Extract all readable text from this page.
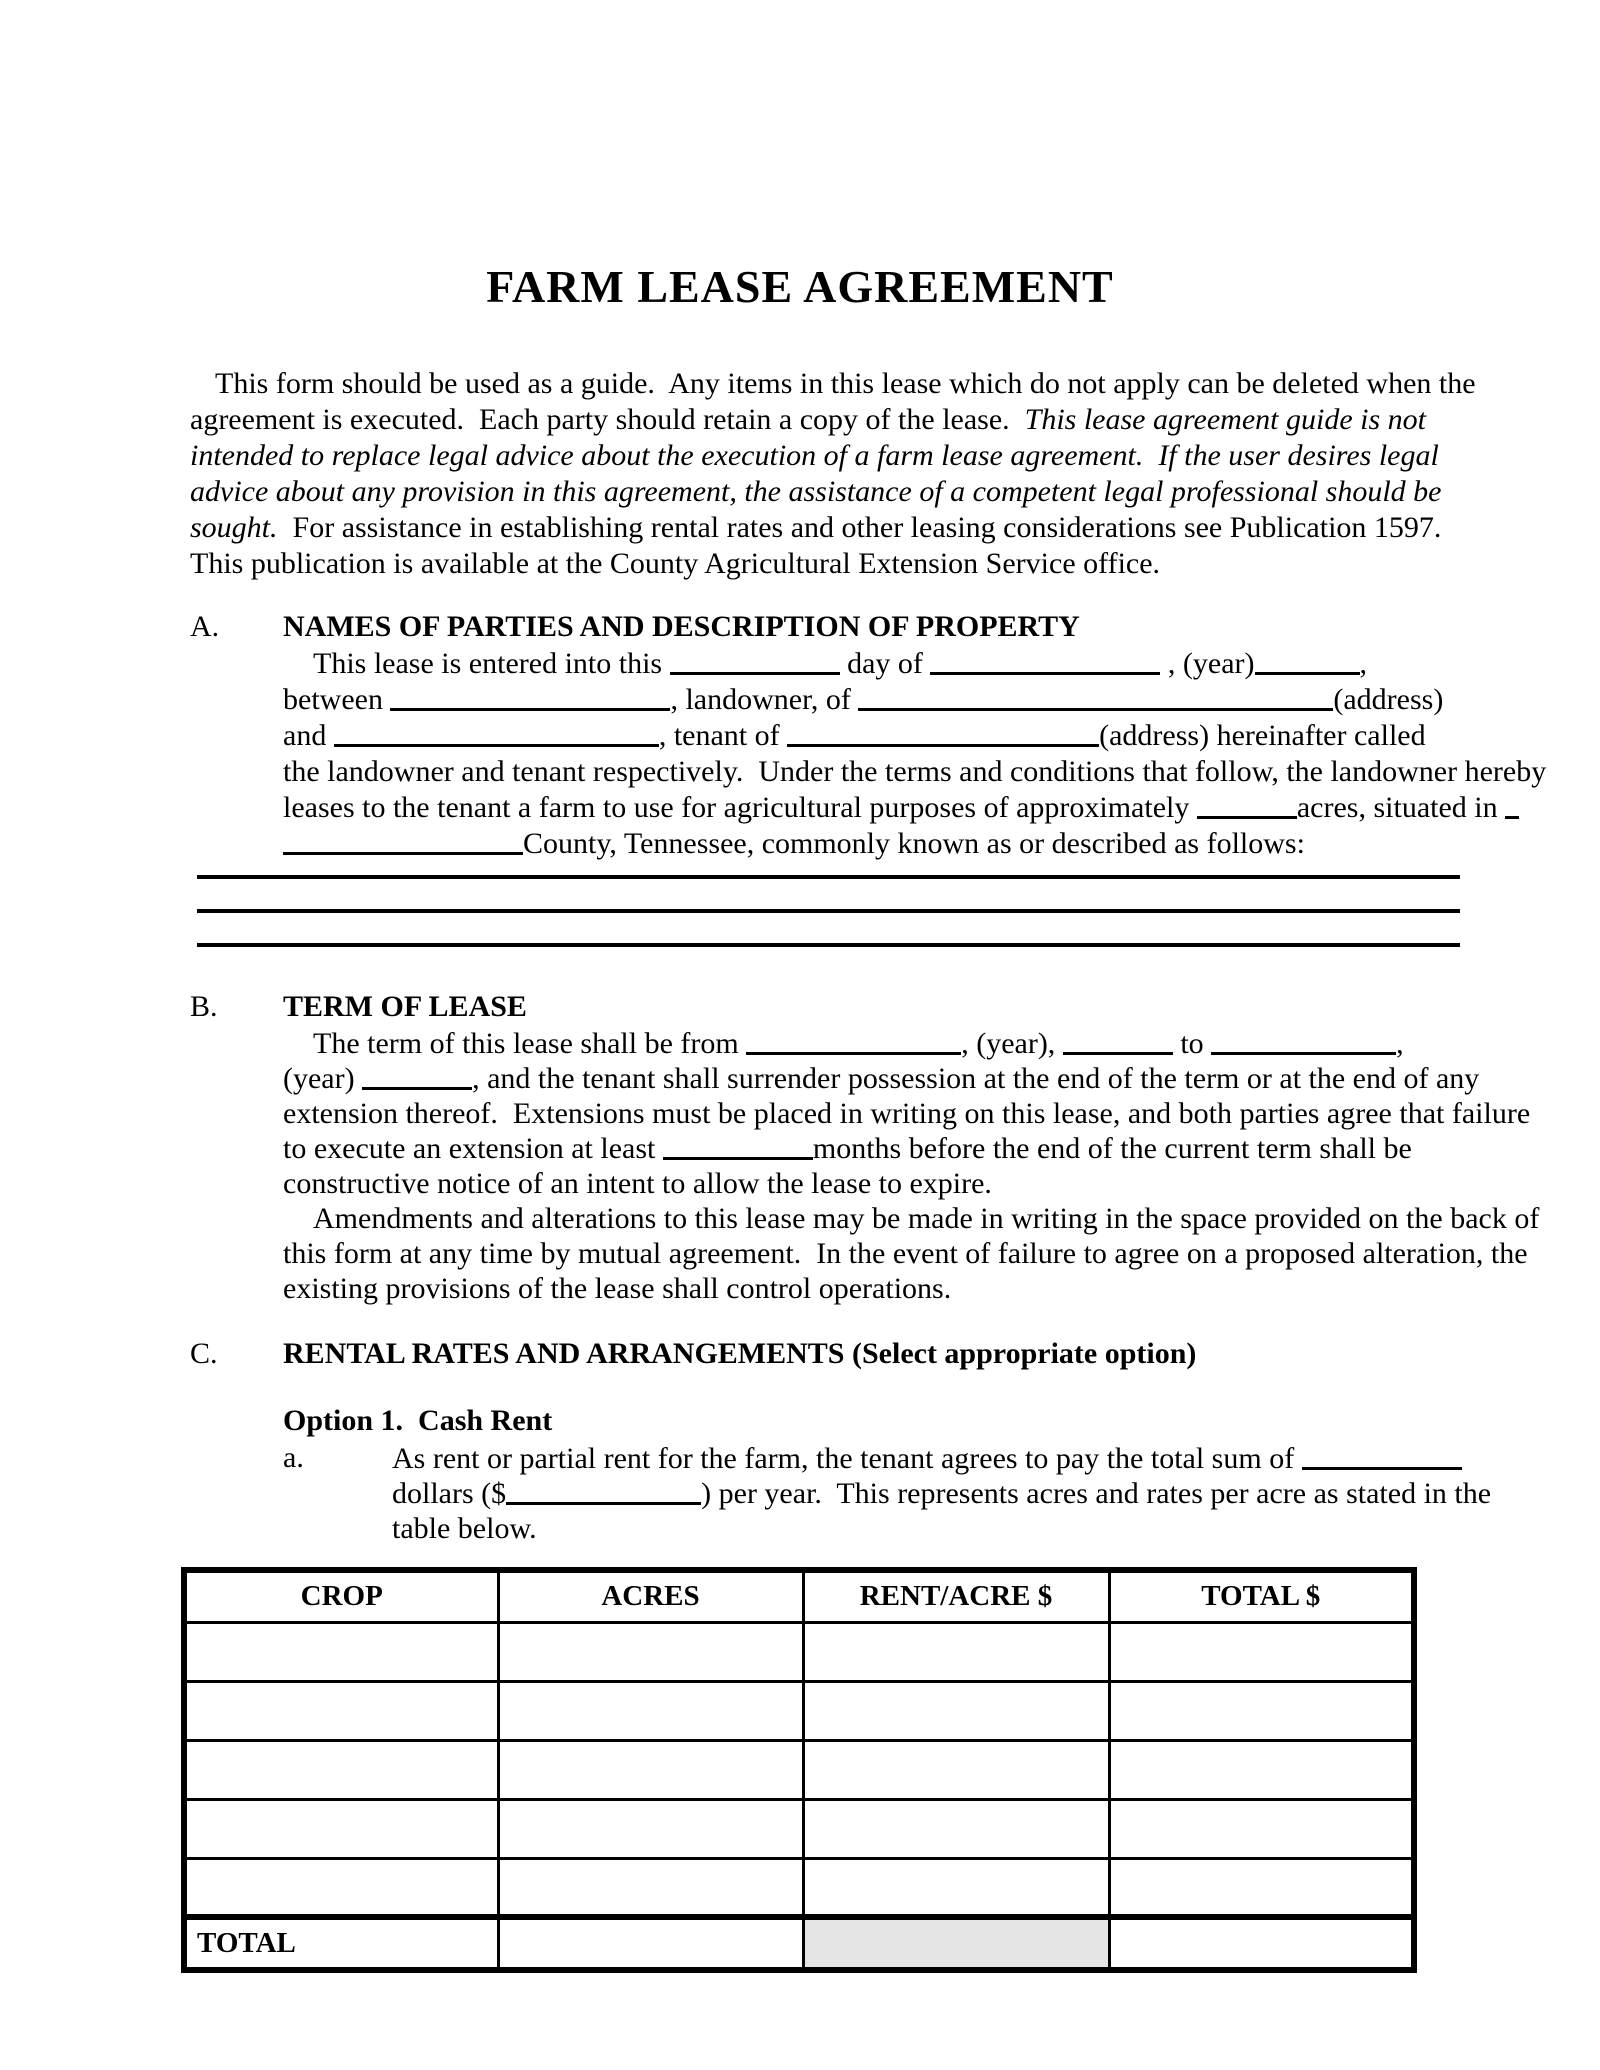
FARM LEASE AGREEMENT
This form should be used as a guide.  Any items in this lease which do not apply can be deleted when the
agreement is executed.  Each party should retain a copy of the lease.  This lease agreement guide is not
intended to replace legal advice about the execution of a farm lease agreement.  If the user desires legal
advice about any provision in this agreement, the assistance of a competent legal professional should be
sought.  For assistance in establishing rental rates and other leasing considerations see Publication 1597.
This publication is available at the County Agricultural Extension Service office.
A. NAMES OF PARTIES AND DESCRIPTION OF PROPERTY
This lease is entered into this	day of	, (year)	,
between	, landowner, of	(address)
and	, tenant of	(address) hereinafter called
the landowner and tenant respectively.  Under the terms and conditions that follow, the landowner hereby
leases to the tenant a farm to use for agricultural purposes of approximately	acres, situated in
County, Tennessee, commonly known as or described as follows:
B. TERM OF LEASE
The term of this lease shall be from	, (year),	to	,
(year)	, and the tenant shall surrender possession at the end of the term or at the end of any
extension thereof.  Extensions must be placed in writing on this lease, and both parties agree that failure
to execute an extension at least	months before the end of the current term shall be
constructive notice of an intent to allow the lease to expire.
Amendments and alterations to this lease may be made in writing in the space provided on the back of
this form at any time by mutual agreement.  In the event of failure to agree on a proposed alteration, the
existing provisions of the lease shall control operations.
C. RENTAL RATES AND ARRANGEMENTS (Select appropriate option)
Option 1.  Cash Rent
a.	As rent or partial rent for the farm, the tenant agrees to pay the total sum of
dollars ($	) per year.  This represents acres and rates per acre as stated in the
table below.
CROP	ACRES	RENT/ACRE $	TOTAL $

TOTAL			
